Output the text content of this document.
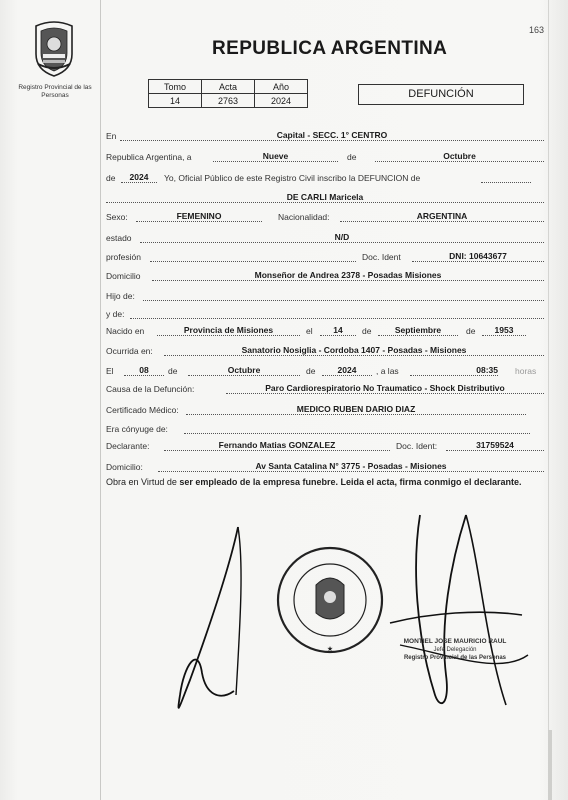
163
Registro Provincial de las Personas
REPUBLICA ARGENTINA
Tomo	Acta	Año
14	2763	2024
DEFUNCIÓN
En	Capital - SECC. 1° CENTRO
Republica Argentina, a	Nueve	de	Octubre
de	2024	Yo, Oficial Público de este Registro Civil inscribo la DEFUNCION de
DE CARLI Maricela
Sexo:	FEMENINO	Nacionalidad:	ARGENTINA
estado	N/D
profesión	Doc. Ident	DNI: 10643677
Domicilio	Monseñor de Andrea 2378 - Posadas Misiones
Hijo de:
y de:
Nacido en	Provincia de Misiones	el	14	de	Septiembre	de	1953
Ocurrida en:	Sanatorio Nosiglia - Cordoba 1407 - Posadas - Misiones
El	08	de	Octubre	de	2024	, a las	08:35 horas
Causa de la Defunción:	Paro Cardiorespiratorio No Traumatico - Shock Distributivo
Certificado Médico:	MEDICO RUBEN DARIO DIAZ
Era cónyuge de:
Declarante:	Fernando Matias GONZALEZ	Doc. Ident:	31759524
Domicilio:	Av Santa Catalina N° 3775 - Posadas - Misiones
Obra en Virtud de ser empleado de la empresa funebre. Leida el acta, firma conmigo el declarante.
★
MONTIEL JOSE MAURICIO RAUL
Jefe Delegación
Registro Provincial de las Personas
